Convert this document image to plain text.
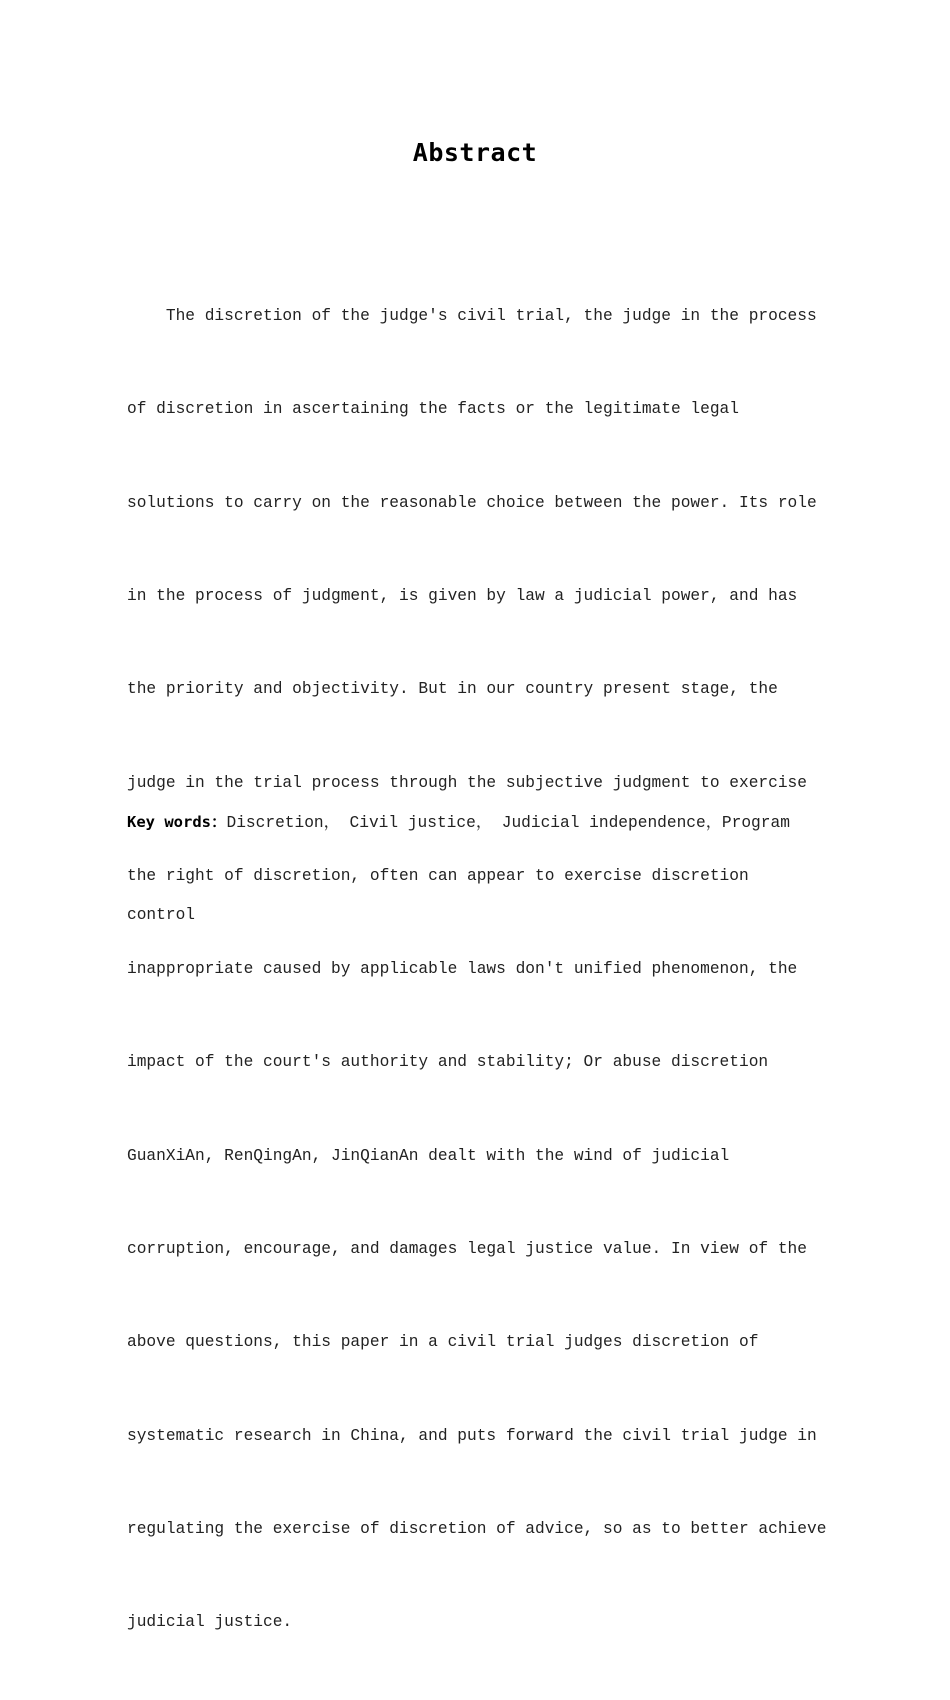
Abstract

The discretion of the judge's civil trial, the judge in the process

of discretion in ascertaining the facts or the legitimate legal

solutions to carry on the reasonable choice between the power. Its role

in the process of judgment, is given by law a judicial power, and has

the priority and objectivity. But in our country present stage, the

judge in the trial process through the subjective judgment to exercise

the right of discretion, often can appear to exercise discretion

inappropriate caused by applicable laws don't unified phenomenon, the

impact of the court's authority and stability; Or abuse discretion

GuanXiAn, RenQingAn, JinQianAn dealt with the wind of judicial

corruption, encourage, and damages legal justice value. In view of the

above questions, this paper in a civil trial judges discretion of

systematic research in China, and puts forward the civil trial judge in

regulating the exercise of discretion of advice, so as to better achieve

judicial justice.

Key words：Discretion， Civil justice， Judicial independence，Program

control
